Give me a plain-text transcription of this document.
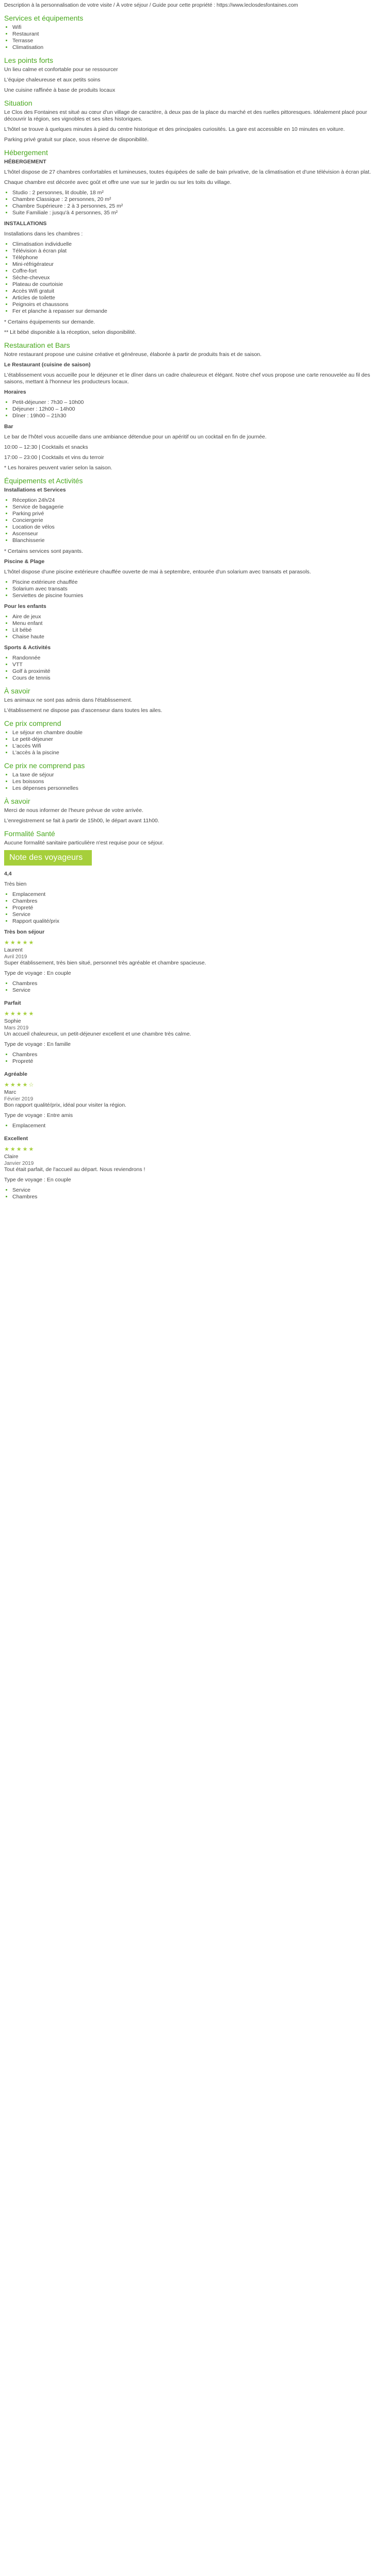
Description à la personnalisation de votre visite / À votre séjour / Guide pour cette propriété : https://www.leclosdesfontaines.com

Services et équipements
• Wifi
• Restaurant
• Terrasse
• Climatisation
Les points forts

Un lieu calme et confortable pour se ressourcer

L'équipe chaleureuse et aux petits soins

Une cuisine raffinée à base de produits locaux

Situation

Le Clos des Fontaines est situé au cœur d'un village de caractère, à deux pas de la place du marché et des ruelles pittoresques. Idéalement placé pour découvrir la région, ses vignobles et ses sites historiques.

L'hôtel se trouve à quelques minutes à pied du centre historique et des principales curiosités. La gare est accessible en 10 minutes en voiture.

Parking privé gratuit sur place, sous réserve de disponibilité.

Hébergement

HÉBERGEMENT

L'hôtel dispose de 27 chambres confortables et lumineuses, toutes équipées de salle de bain privative, de la climatisation et d'une télévision à écran plat.

Chaque chambre est décorée avec goût et offre une vue sur le jardin ou sur les toits du village.

• Studio : 2 personnes, lit double, 18 m²
• Chambre Classique : 2 personnes, 20 m²
• Chambre Supérieure : 2 à 3 personnes, 25 m²
• Suite Familiale : jusqu'à 4 personnes, 35 m²

INSTALLATIONS

Installations dans les chambres :

• Climatisation individuelle
• Télévision à écran plat
• Téléphone
• Mini-réfrigérateur
• Coffre-fort
• Sèche-cheveux
• Plateau de courtoisie
• Accès Wifi gratuit
• Articles de toilette
• Peignoirs et chaussons
• Fer et planche à repasser sur demande

* Certains équipements sur demande.

** Lit bébé disponible à la réception, selon disponibilité.

Restauration et Bars

Notre restaurant propose une cuisine créative et généreuse, élaborée à partir de produits frais et de saison.

Le Restaurant (cuisine de saison)

L'établissement vous accueille pour le déjeuner et le dîner dans un cadre chaleureux et élégant. Notre chef vous propose une carte renouvelée au fil des saisons, mettant à l'honneur les producteurs locaux.

Horaires

• Petit-déjeuner : 7h30 – 10h00
• Déjeuner : 12h00 – 14h00
• Dîner : 19h00 – 21h30

Bar

Le bar de l'hôtel vous accueille dans une ambiance détendue pour un apéritif ou un cocktail en fin de journée.

10:00 – 12:30 | Cocktails et snacks

17:00 – 23:00 | Cocktails et vins du terroir

* Les horaires peuvent varier selon la saison.

Équipements et Activités

Installations et Services

• Réception 24h/24
• Service de bagagerie
• Parking privé
• Conciergerie
• Location de vélos
• Ascenseur
• Blanchisserie

* Certains services sont payants.

Piscine & Plage

L'hôtel dispose d'une piscine extérieure chauffée ouverte de mai à septembre, entourée d'un solarium avec transats et parasols.

• Piscine extérieure chauffée
• Solarium avec transats
• Serviettes de piscine fournies

Pour les enfants

• Aire de jeux
• Menu enfant
• Lit bébé
• Chaise haute

Sports & Activités

• Randonnée
• VTT
• Golf à proximité
• Cours de tennis
À savoir

Les animaux ne sont pas admis dans l'établissement.

L'établissement ne dispose pas d'ascenseur dans toutes les ailes.

Ce prix comprend
• Le séjour en chambre double
• Le petit-déjeuner
• L'accès Wifi
• L'accès à la piscine
Ce prix ne comprend pas
• La taxe de séjour
• Les boissons
• Les dépenses personnelles
À savoir

Merci de nous informer de l'heure prévue de votre arrivée.

L'enregistrement se fait à partir de 15h00, le départ avant 11h00.

Formalité Santé

Aucune formalité sanitaire particulière n'est requise pour ce séjour.

Note des voyageurs

4,4

Très bien

• Emplacement
• Chambres
• Propreté
• Service
• Rapport qualité/prix

Très bon séjour

★★★★★
Laurent
Avril 2019

Super établissement, très bien situé, personnel très agréable et chambre spacieuse.

Type de voyage : En couple

• Chambres
• Service

Parfait

★★★★★
Sophie
Mars 2019

Un accueil chaleureux, un petit-déjeuner excellent et une chambre très calme.

Type de voyage : En famille

• Chambres
• Propreté

Agréable

★★★★☆
Marc
Février 2019

Bon rapport qualité/prix, idéal pour visiter la région.

Type de voyage : Entre amis

• Emplacement

Excellent

★★★★★
Claire
Janvier 2019

Tout était parfait, de l'accueil au départ. Nous reviendrons !

Type de voyage : En couple

• Service
• Chambres
